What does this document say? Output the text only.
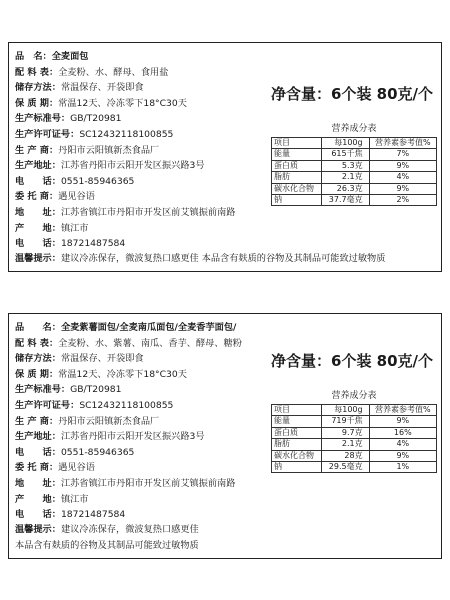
品　名： 全麦面包
配 料 表： 全麦粉、水、酵母、食用盐
储存方法： 常温保存、开袋即食
保 质 期： 常温12天、冷冻零下18°C30天
生产标准号： GB/T20981
生产许可证号： SC12432118100855
生 产 商： 丹阳市云阳镇新杰食品厂
生产地址： 江苏省丹阳市云阳开发区振兴路3号
电　　话： 0551-85946365
委 托 商： 遇见谷语
地　　址： 江苏省镇江市丹阳市开发区前艾镇振前南路
产　　地： 镇江市
电　　话： 18721487584
温馨提示：建议冷冻保存，微波复热口感更佳 本品含有麸质的谷物及其制品可能致过敏物质
净含量：6个装 80克/个
营养成分表
项目	每100g	营养素参考值%
能量	615千焦	7%
蛋白质	5.3克	9%
脂肪	2.1克	4%
碳水化合物	26.3克	9%
钠	37.7毫克	2%
品　　名： 全麦紫薯面包/全麦南瓜面包/全麦香芋面包/
配 料 表： 全麦粉、水、紫薯、南瓜、香芋、酵母、糖粉
储存方法： 常温保存、开袋即食
保 质 期： 常温12天、冷冻零下18°C30天
生产标准号： GB/T20981
生产许可证号： SC12432118100855
生 产 商： 丹阳市云阳镇新杰食品厂
生产地址： 江苏省丹阳市云阳开发区振兴路3号
电　　话： 0551-85946365
委 托 商： 遇见谷语
地　　址： 江苏省镇江市丹阳市开发区前艾镇振前南路
产　　地： 镇江市
电　　话： 18721487584
温馨提示：建议冷冻保存，微波复热口感更佳
本品含有麸质的谷物及其制品可能致过敏物质
净含量：6个装 80克/个
营养成分表
项目	每100g	营养素参考值%
能量	719千焦	9%
蛋白质	9.7克	16%
脂肪	2.1克	4%
碳水化合物	28克	9%
钠	29.5毫克	1%
